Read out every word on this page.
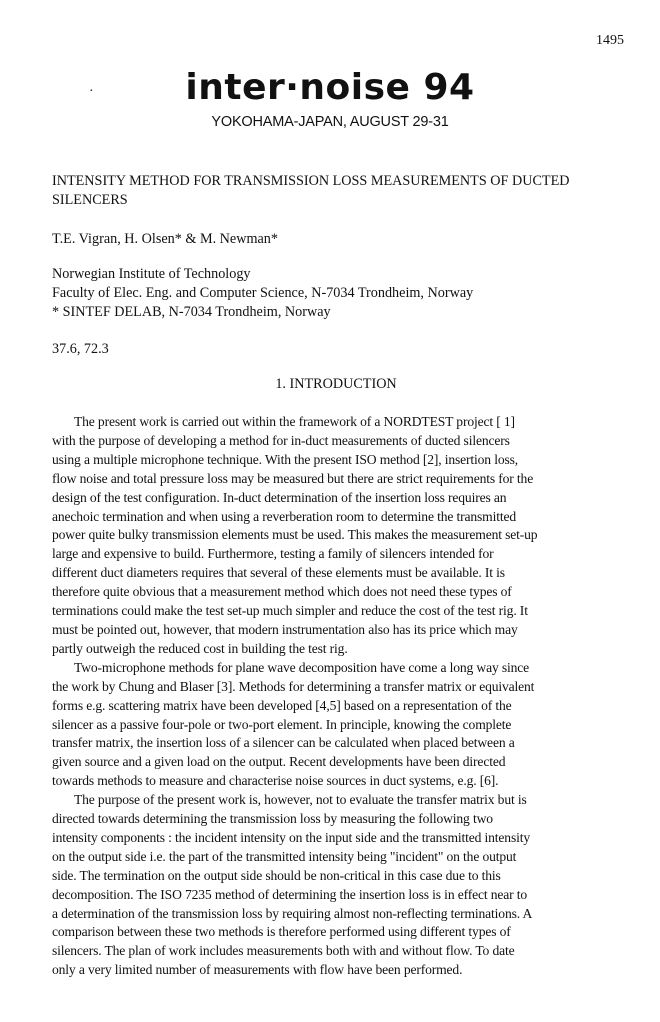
1495
·	inter·noise 94
YOKOHAMA-JAPAN, AUGUST 29-31
INTENSITY METHOD FOR TRANSMISSION LOSS MEASUREMENTS OF DUCTED
SILENCERS
T.E. Vigran, H. Olsen* & M. Newman*
Norwegian Institute of Technology
Faculty of Elec. Eng. and Computer Science, N-7034 Trondheim, Norway
* SINTEF DELAB, N-7034 Trondheim, Norway
37.6, 72.3
1. INTRODUCTION
The present work is carried out within the framework of a NORDTEST project [ 1]
with the purpose of developing a method for in-duct measurements of ducted silencers
using a multiple microphone technique. With the present ISO method [2], insertion loss,
flow noise and total pressure loss may be measured but there are strict requirements for the
design of the test configuration. In-duct determination of the insertion loss requires an
anechoic termination and when using a reverberation room to determine the transmitted
power quite bulky transmission elements must be used. This makes the measurement set-up
large and expensive to build. Furthermore, testing a family of silencers intended for
different duct diameters requires that several of these elements must be available. It is
therefore quite obvious that a measurement method which does not need these types of
terminations could make the test set-up much simpler and reduce the cost of the test rig. It
must be pointed out, however, that modern instrumentation also has its price which may
partly outweigh the reduced cost in building the test rig.
Two-microphone methods for plane wave decomposition have come a long way since
the work by Chung and Blaser [3]. Methods for determining a transfer matrix or equivalent
forms e.g. scattering matrix have been developed [4,5] based on a representation of the
silencer as a passive four-pole or two-port element. In principle, knowing the complete
transfer matrix, the insertion loss of a silencer can be calculated when placed between a
given source and a given load on the output. Recent developments have been directed
towards methods to measure and characterise noise sources in duct systems, e.g. [6].
The purpose of the present work is, however, not to evaluate the transfer matrix but is
directed towards determining the transmission loss by measuring the following two
intensity components : the incident intensity on the input side and the transmitted intensity
on the output side i.e. the part of the transmitted intensity being "incident" on the output
side. The termination on the output side should be non-critical in this case due to this
decomposition. The ISO 7235 method of determining the insertion loss is in effect near to
a determination of the transmission loss by requiring almost non-reflecting terminations. A
comparison between these two methods is therefore performed using different types of
silencers. The plan of work includes measurements both with and without flow. To date
only a very limited number of measurements with flow have been performed.
